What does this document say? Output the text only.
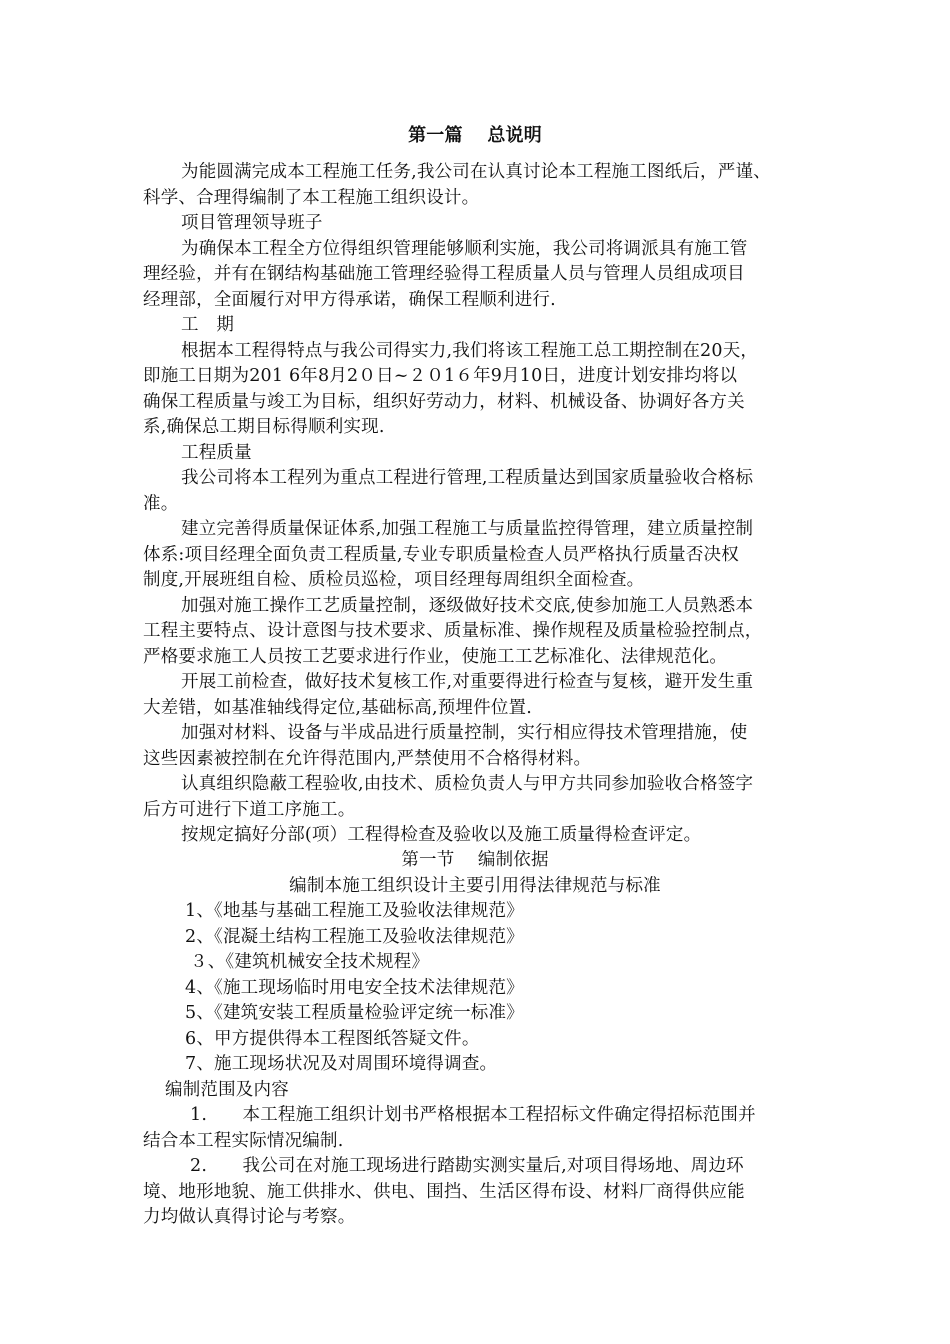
第一篇　 总说明
为能圆满完成本工程施工任务,我公司在认真讨论本工程施工图纸后，严谨、
科学、合理得编制了本工程施工组织设计。
项目管理领导班子
为确保本工程全方位得组织管理能够顺利实施，我公司将调派具有施工管
理经验，并有在钢结构基础施工管理经验得工程质量人员与管理人员组成项目
经理部，全面履行对甲方得承诺，确保工程顺利进行.
工　期
根据本工程得特点与我公司得实力,我们将该工程施工总工期控制在20天，
即施工日期为201 6年8月2０日~２０1６年9月10日，进度计划安排均将以
确保工程质量与竣工为目标，组织好劳动力，材料、机械设备、协调好各方关
系,确保总工期目标得顺利实现.
工程质量
我公司将本工程列为重点工程进行管理,工程质量达到国家质量验收合格标
准。
建立完善得质量保证体系,加强工程施工与质量监控得管理，建立质量控制
体系:项目经理全面负责工程质量,专业专职质量检查人员严格执行质量否决权
制度,开展班组自检、质检员巡检，项目经理每周组织全面检查。
加强对施工操作工艺质量控制，逐级做好技术交底,使参加施工人员熟悉本
工程主要特点、设计意图与技术要求、质量标准、操作规程及质量检验控制点，
严格要求施工人员按工艺要求进行作业，使施工工艺标准化、法律规范化。
开展工前检查，做好技术复核工作,对重要得进行检查与复核，避开发生重
大差错，如基准轴线得定位,基础标高,预埋件位置.
加强对材料、设备与半成品进行质量控制，实行相应得技术管理措施，使
这些因素被控制在允许得范围内,严禁使用不合格得材料。
认真组织隐蔽工程验收,由技术、质检负责人与甲方共同参加验收合格签字
后方可进行下道工序施工。
按规定搞好分部(项）工程得检查及验收以及施工质量得检查评定。
第一节　 编制依据
编制本施工组织设计主要引用得法律规范与标准
1、《地基与基础工程施工及验收法律规范》
2、《混凝土结构工程施工及验收法律规范》
３、《建筑机械安全技术规程》
4、《施工现场临时用电安全技术法律规范》
5、《建筑安装工程质量检验评定统一标准》
6、甲方提供得本工程图纸答疑文件。
7、施工现场状况及对周围环境得调查。
编制范围及内容
1.　　本工程施工组织计划书严格根据本工程招标文件确定得招标范围并
结合本工程实际情况编制.
2.　　我公司在对施工现场进行踏勘实测实量后,对项目得场地、周边环
境、地形地貌、施工供排水、供电、围挡、生活区得布设、材料厂商得供应能
力均做认真得讨论与考察。
